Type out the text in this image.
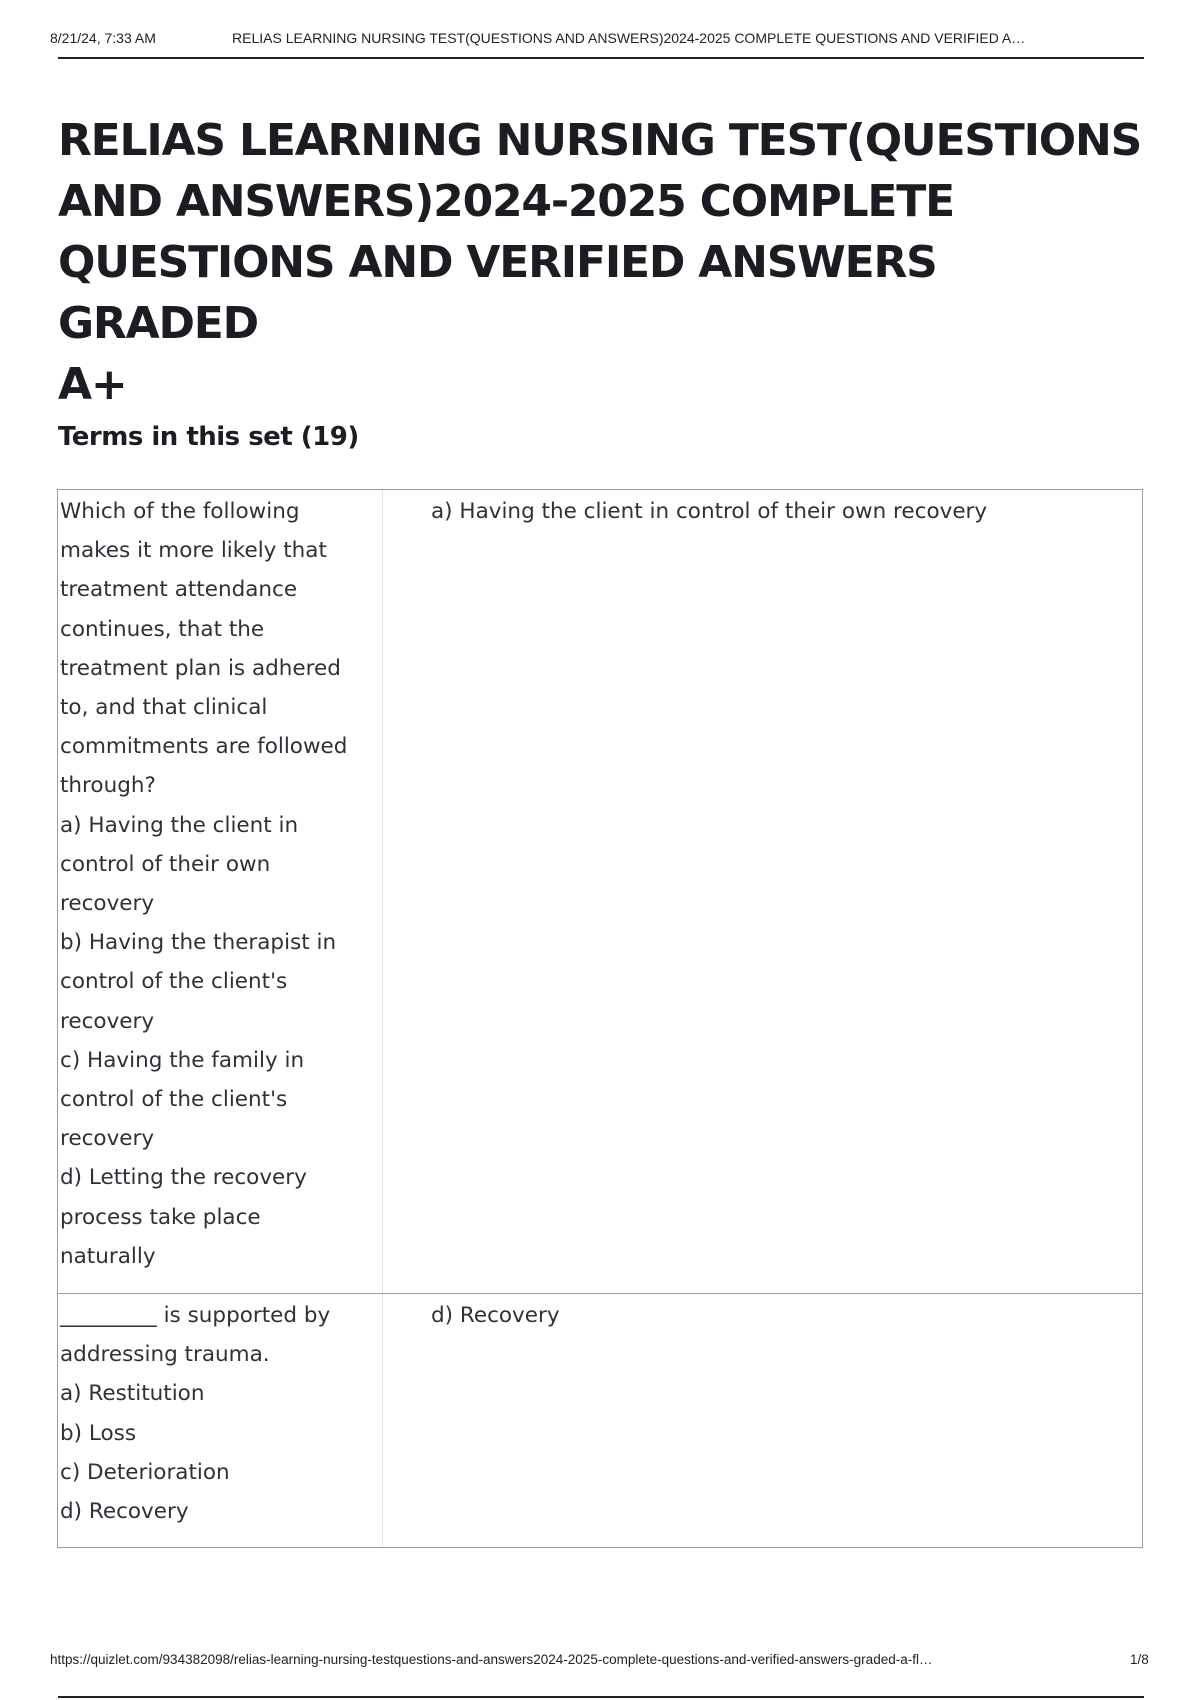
8/21/24, 7:33 AM	RELIAS LEARNING NURSING TEST(QUESTIONS AND ANSWERS)2024-2025 COMPLETE QUESTIONS AND VERIFIED A…
RELIAS LEARNING NURSING TEST(QUESTIONS
AND ANSWERS)2024-2025 COMPLETE
QUESTIONS AND VERIFIED ANSWERS GRADED
A+
Terms in this set (19)
Which of the following
makes it more likely that
treatment attendance
continues, that the
treatment plan is adhered
to, and that clinical
commitments are followed
through?
a) Having the client in
control of their own
recovery
b) Having the therapist in
control of the client's
recovery
c) Having the family in
control of the client's
recovery
d) Letting the recovery
process take place
naturally
a) Having the client in control of their own recovery
_________ is supported by
addressing trauma.
a) Restitution
b) Loss
c) Deterioration
d) Recovery
d) Recovery
https://quizlet.com/934382098/relias-learning-nursing-testquestions-and-answers2024-2025-complete-questions-and-verified-answers-graded-a-fl…	1/8
